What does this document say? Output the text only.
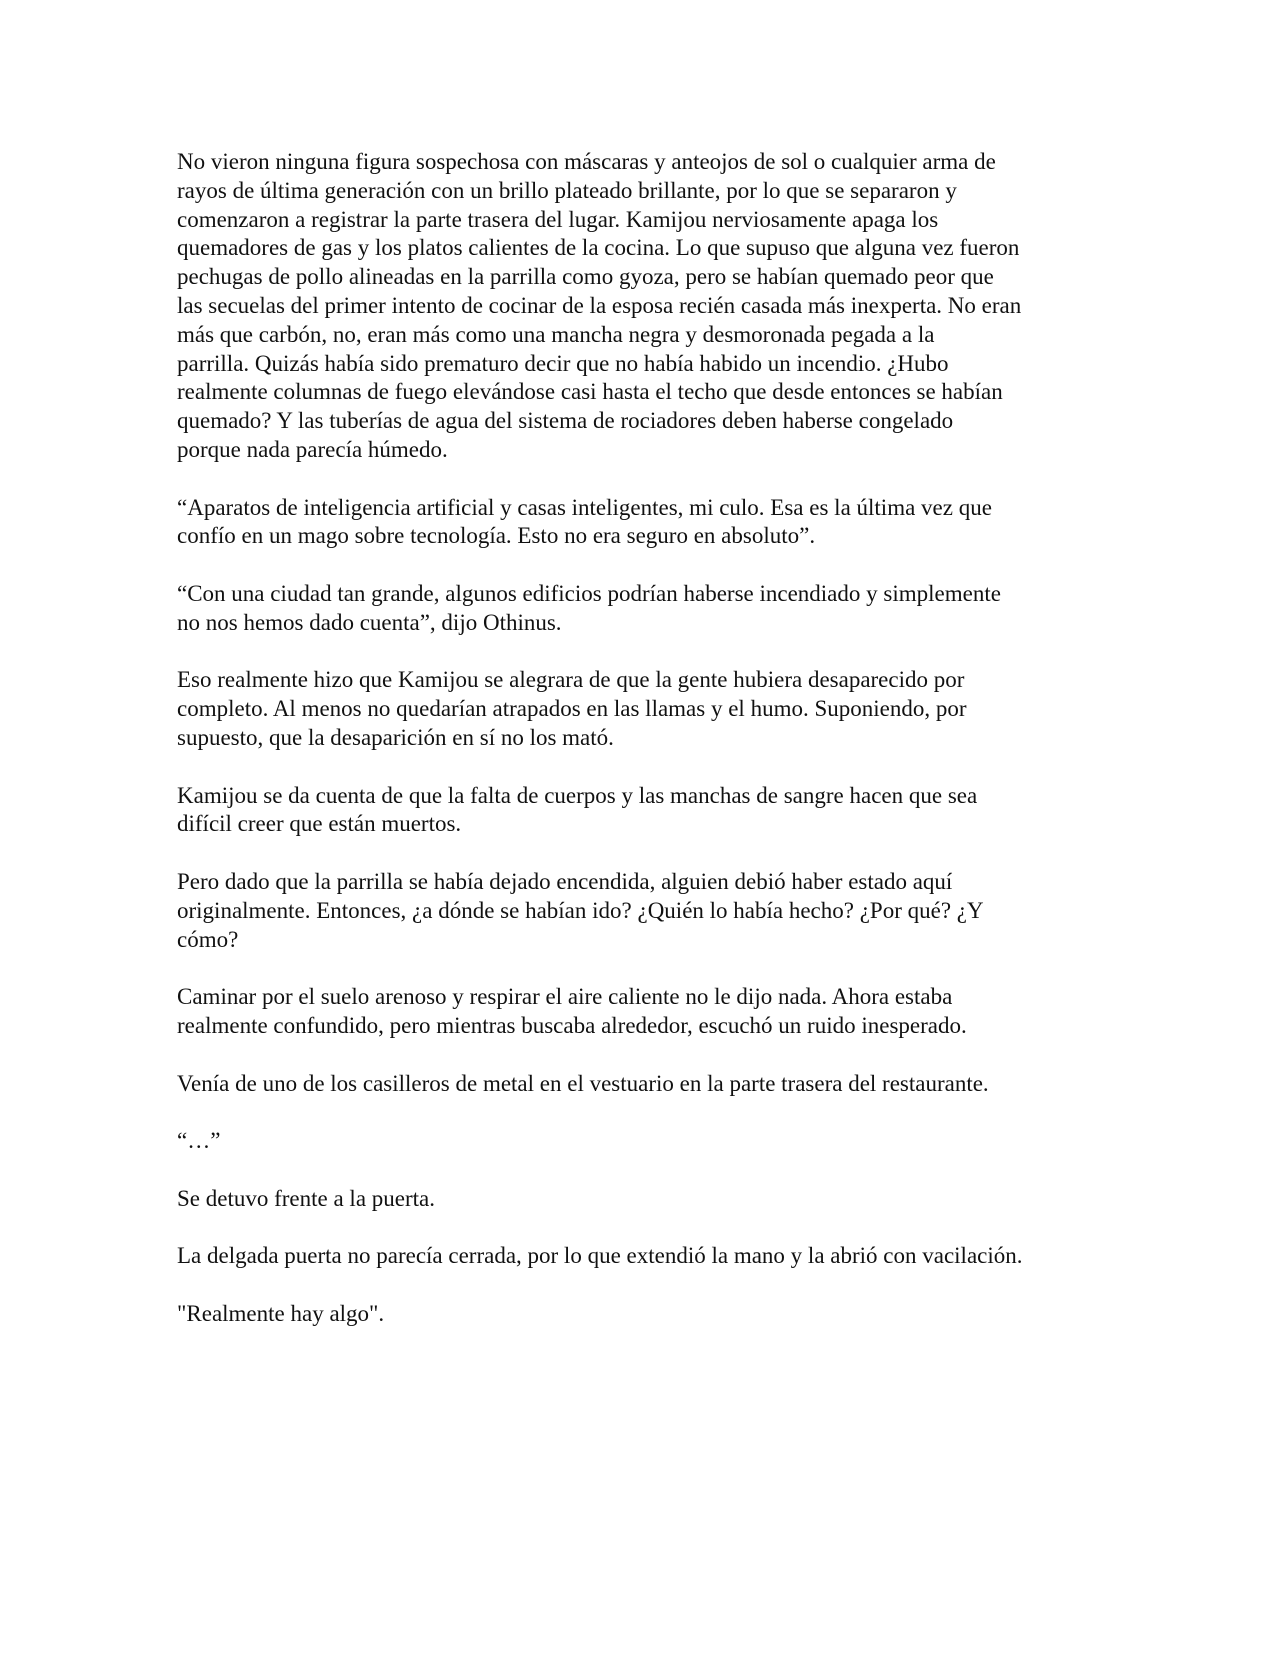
No vieron ninguna figura sospechosa con máscaras y anteojos de sol o cualquier arma de
rayos de última generación con un brillo plateado brillante, por lo que se separaron y
comenzaron a registrar la parte trasera del lugar. Kamijou nerviosamente apaga los
quemadores de gas y los platos calientes de la cocina. Lo que supuso que alguna vez fueron
pechugas de pollo alineadas en la parrilla como gyoza, pero se habían quemado peor que
las secuelas del primer intento de cocinar de la esposa recién casada más inexperta. No eran
más que carbón, no, eran más como una mancha negra y desmoronada pegada a la
parrilla. Quizás había sido prematuro decir que no había habido un incendio. ¿Hubo
realmente columnas de fuego elevándose casi hasta el techo que desde entonces se habían
quemado? Y las tuberías de agua del sistema de rociadores deben haberse congelado
porque nada parecía húmedo.

“Aparatos de inteligencia artificial y casas inteligentes, mi culo. Esa es la última vez que
confío en un mago sobre tecnología. Esto no era seguro en absoluto”.

“Con una ciudad tan grande, algunos edificios podrían haberse incendiado y simplemente
no nos hemos dado cuenta”, dijo Othinus.

Eso realmente hizo que Kamijou se alegrara de que la gente hubiera desaparecido por
completo. Al menos no quedarían atrapados en las llamas y el humo. Suponiendo, por
supuesto, que la desaparición en sí no los mató.

Kamijou se da cuenta de que la falta de cuerpos y las manchas de sangre hacen que sea
difícil creer que están muertos.

Pero dado que la parrilla se había dejado encendida, alguien debió haber estado aquí
originalmente. Entonces, ¿a dónde se habían ido? ¿Quién lo había hecho? ¿Por qué? ¿Y
cómo?

Caminar por el suelo arenoso y respirar el aire caliente no le dijo nada. Ahora estaba
realmente confundido, pero mientras buscaba alrededor, escuchó un ruido inesperado.

Venía de uno de los casilleros de metal en el vestuario en la parte trasera del restaurante.

“…”

Se detuvo frente a la puerta.

La delgada puerta no parecía cerrada, por lo que extendió la mano y la abrió con vacilación.

"Realmente hay algo".
